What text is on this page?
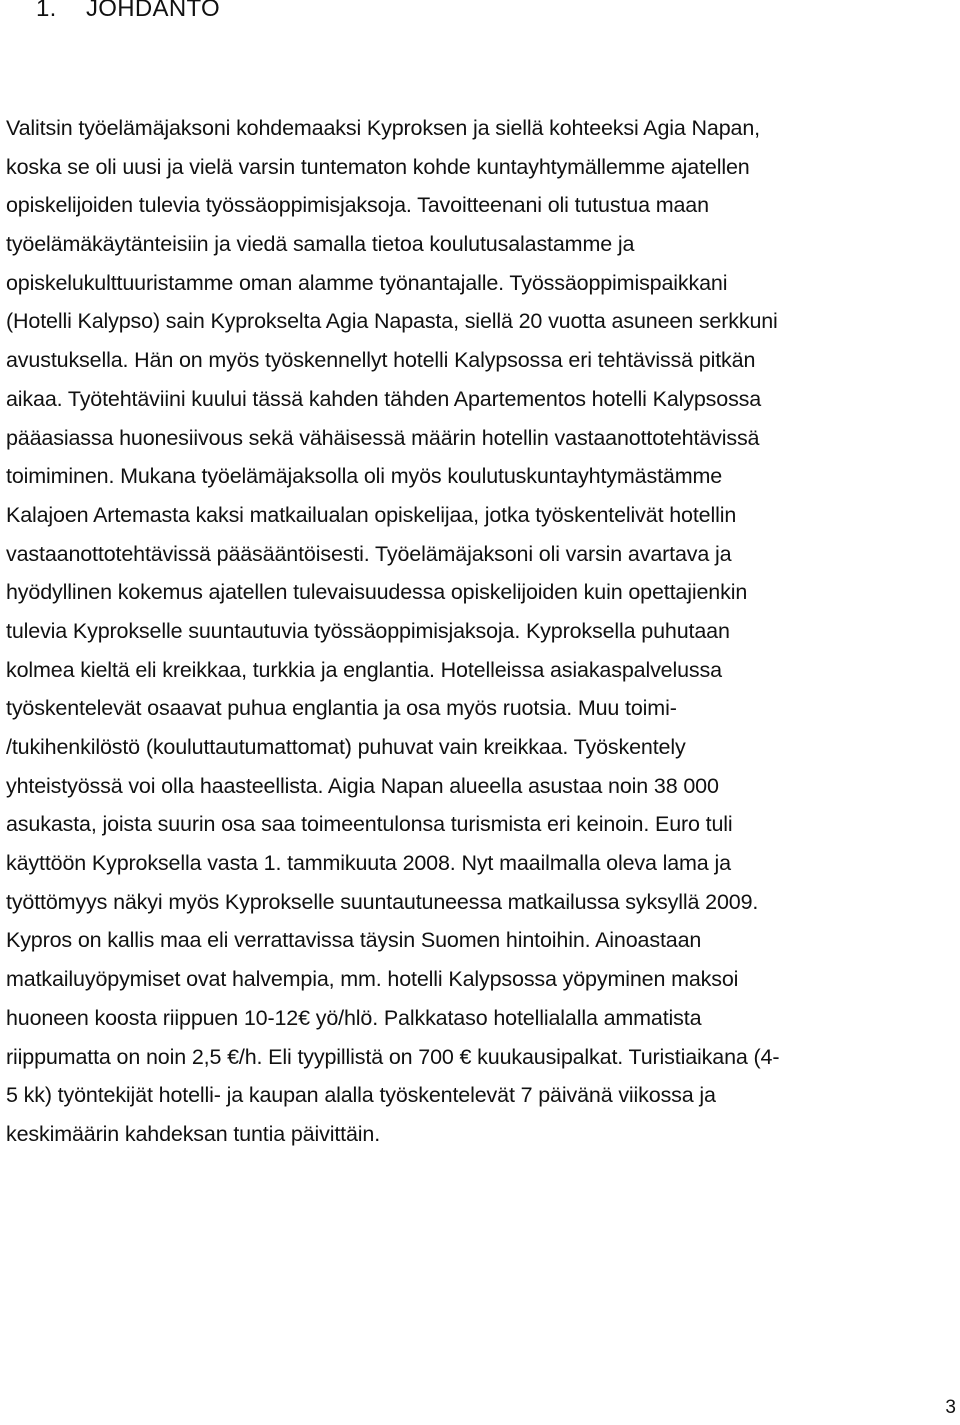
1. JOHDANTO
Valitsin työelämäjaksoni kohdemaaksi Kyproksen ja siellä kohteeksi Agia Napan,
koska se oli uusi ja vielä varsin tuntematon kohde kuntayhtymällemme ajatellen
opiskelijoiden tulevia työssäoppimisjaksoja. Tavoitteenani oli tutustua maan
työelämäkäytänteisiin ja viedä samalla tietoa koulutusalastamme ja
opiskelukulttuuristamme oman alamme työnantajalle. Työssäoppimispaikkani
(Hotelli Kalypso) sain Kyprokselta Agia Napasta, siellä 20 vuotta asuneen serkkuni
avustuksella. Hän on myös työskennellyt hotelli Kalypsossa eri tehtävissä pitkän
aikaa. Työtehtäviini kuului tässä kahden tähden Apartementos hotelli Kalypsossa
pääasiassa huonesiivous sekä vähäisessä määrin hotellin vastaanottotehtävissä
toimiminen. Mukana työelämäjaksolla oli myös koulutuskuntayhtymästämme
Kalajoen Artemasta kaksi matkailualan opiskelijaa, jotka työskentelivät hotellin
vastaanottotehtävissä pääsääntöisesti. Työelämäjaksoni oli varsin avartava ja
hyödyllinen kokemus ajatellen tulevaisuudessa opiskelijoiden kuin opettajienkin
tulevia Kyprokselle suuntautuvia työssäoppimisjaksoja. Kyproksella puhutaan
kolmea kieltä eli kreikkaa, turkkia ja englantia. Hotelleissa asiakaspalvelussa
työskentelevät osaavat puhua englantia ja osa myös ruotsia. Muu toimi-
/tukihenkilöstö (kouluttautumattomat) puhuvat vain kreikkaa. Työskentely
yhteistyössä voi olla haasteellista. Aigia Napan alueella asustaa noin 38 000
asukasta, joista suurin osa saa toimeentulonsa turismista eri keinoin. Euro tuli
käyttöön Kyproksella vasta 1. tammikuuta 2008. Nyt maailmalla oleva lama ja
työttömyys näkyi myös Kyprokselle suuntautuneessa matkailussa syksyllä 2009.
Kypros on kallis maa eli verrattavissa täysin Suomen hintoihin. Ainoastaan
matkailuyöpymiset ovat halvempia, mm. hotelli Kalypsossa yöpyminen maksoi
huoneen koosta riippuen 10-12€ yö/hlö. Palkkataso hotellialalla ammatista
riippumatta on noin 2,5 €/h. Eli tyypillistä on 700 € kuukausipalkat. Turistiaikana (4-
5 kk) työntekijät hotelli- ja kaupan alalla työskentelevät 7 päivänä viikossa ja
keskimäärin kahdeksan tuntia päivittäin.
3
